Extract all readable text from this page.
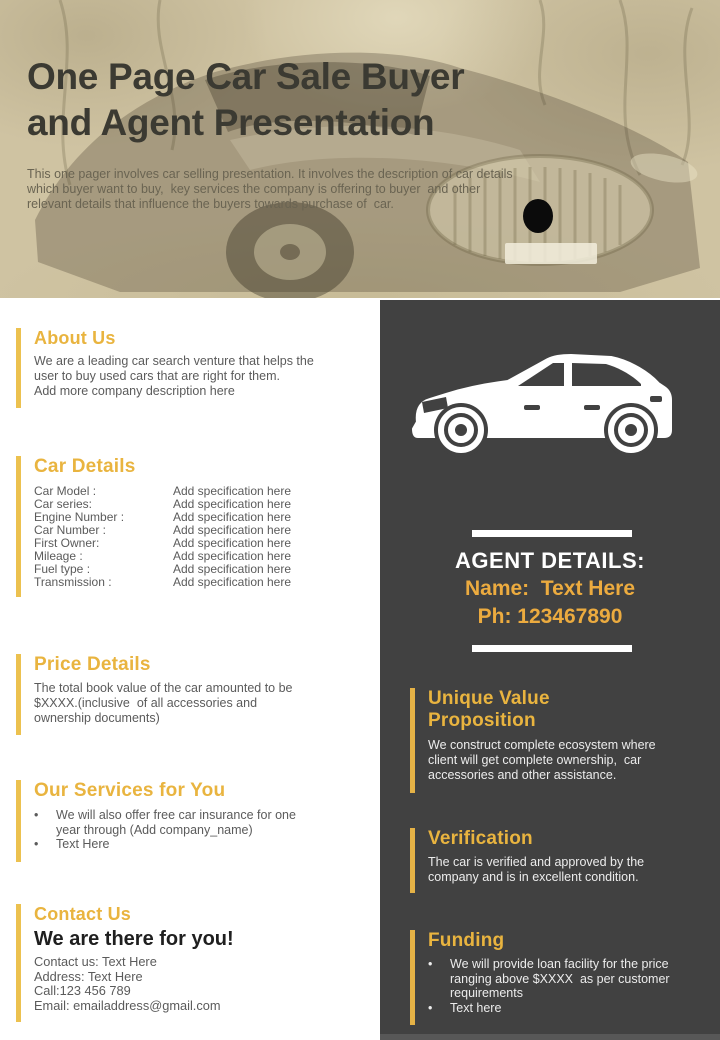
One Page Car Sale Buyer
and Agent Presentation
This one pager involves car selling presentation. It involves the description of car details which buyer want to buy,  key services the company is offering to buyer  and other relevant details that influence the buyers towards purchase of  car.
About Us

We are a leading car search venture that helps the user to buy used cars that are right for them.

Add more company description here

Car Details
Car Model :	Add specification here
Car series:	Add specification here
Engine Number :	Add specification here
Car Number :	Add specification here
First Owner:	Add specification here
Mileage :	Add specification here
Fuel type :	Add specification here
Transmission :	Add specification here
Price Details

The total book value of the car amounted to be $XXXX.(inclusive  of all accessories and ownership documents)

Our Services for You
•	We will also offer free car insurance for one year through (Add company_name)
•	Text Here
Contact Us
We are there for you!
Contact us: Text Here
Address: Text Here
Call:123 456 789
Email: emailaddress@gmail.com
AGENT DETAILS:
Name:  Text Here
Ph: 123467890
Unique Value Proposition

We construct complete ecosystem where client will get complete ownership,  car accessories and other assistance.

Verification

The car is verified and approved by the company and is in excellent condition.

Funding
•	We will provide loan facility for the price ranging above $XXXX  as per customer requirements
•	Text here
